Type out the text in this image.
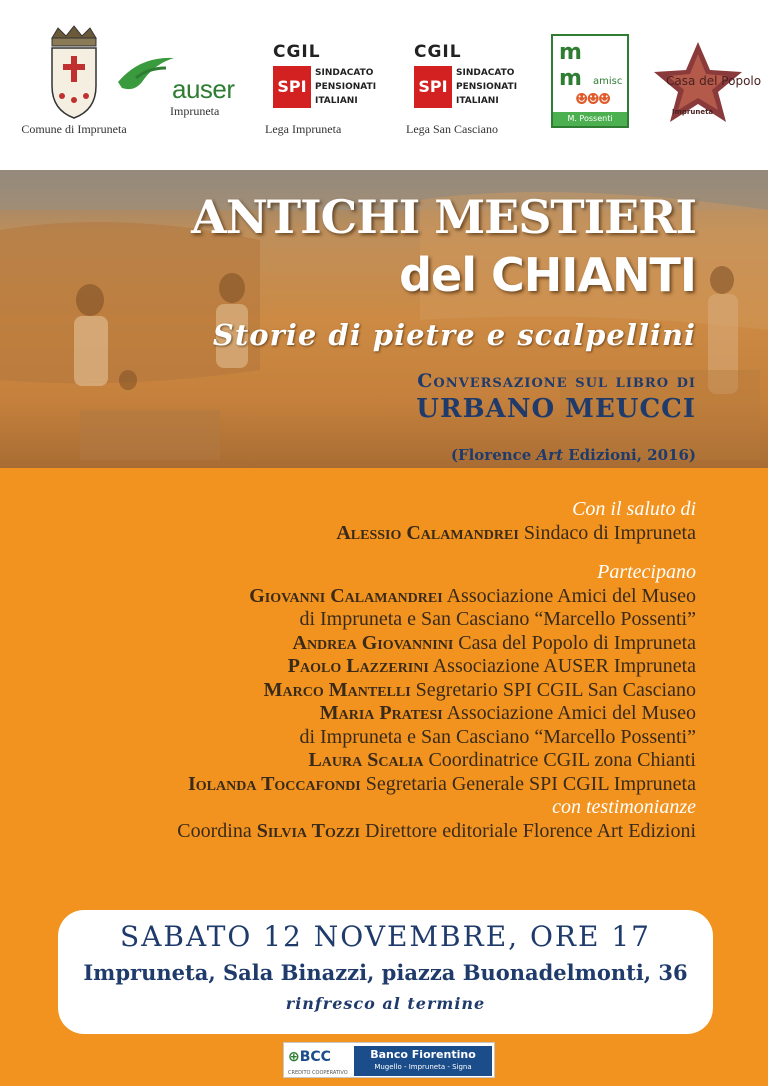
Comune di Impruneta
auser
Impruneta
CGIL
SPI
SINDACATO
PENSIONATI
ITALIANI
Lega Impruneta
CGIL
SPI
SINDACATO
PENSIONATI
ITALIANI
Lega San Casciano
m
m amisc
☻☻☻
M. Possenti
Casa del Popolo
Impruneta
ANTICHI MESTIERI
del CHIANTI
Storie di pietre e scalpellini
Conversazione sul libro di
URBANO MEUCCI
(Florence Art Edizioni, 2016)
Con il saluto di
Alessio Calamandrei Sindaco di Impruneta
Partecipano
Giovanni Calamandrei Associazione Amici del Museo
di Impruneta e San Casciano “Marcello Possenti”
Andrea Giovannini Casa del Popolo di Impruneta
Paolo Lazzerini Associazione AUSER Impruneta
Marco Mantelli Segretario SPI CGIL San Casciano
Maria Pratesi Associazione Amici del Museo
di Impruneta e San Casciano “Marcello Possenti”
Laura Scalia Coordinatrice CGIL zona Chianti
Iolanda Toccafondi Segretaria Generale SPI CGIL Impruneta
con testimonianze
Coordina Silvia Tozzi Direttore editoriale Florence Art Edizioni
SABATO 12 NOVEMBRE, ORE 17
Impruneta, Sala Binazzi, piazza Buonadelmonti, 36
rinfresco al termine
⊕BCC
CREDITO COOPERATIVO
Banco Fiorentino
Mugello - Impruneta - Signa
